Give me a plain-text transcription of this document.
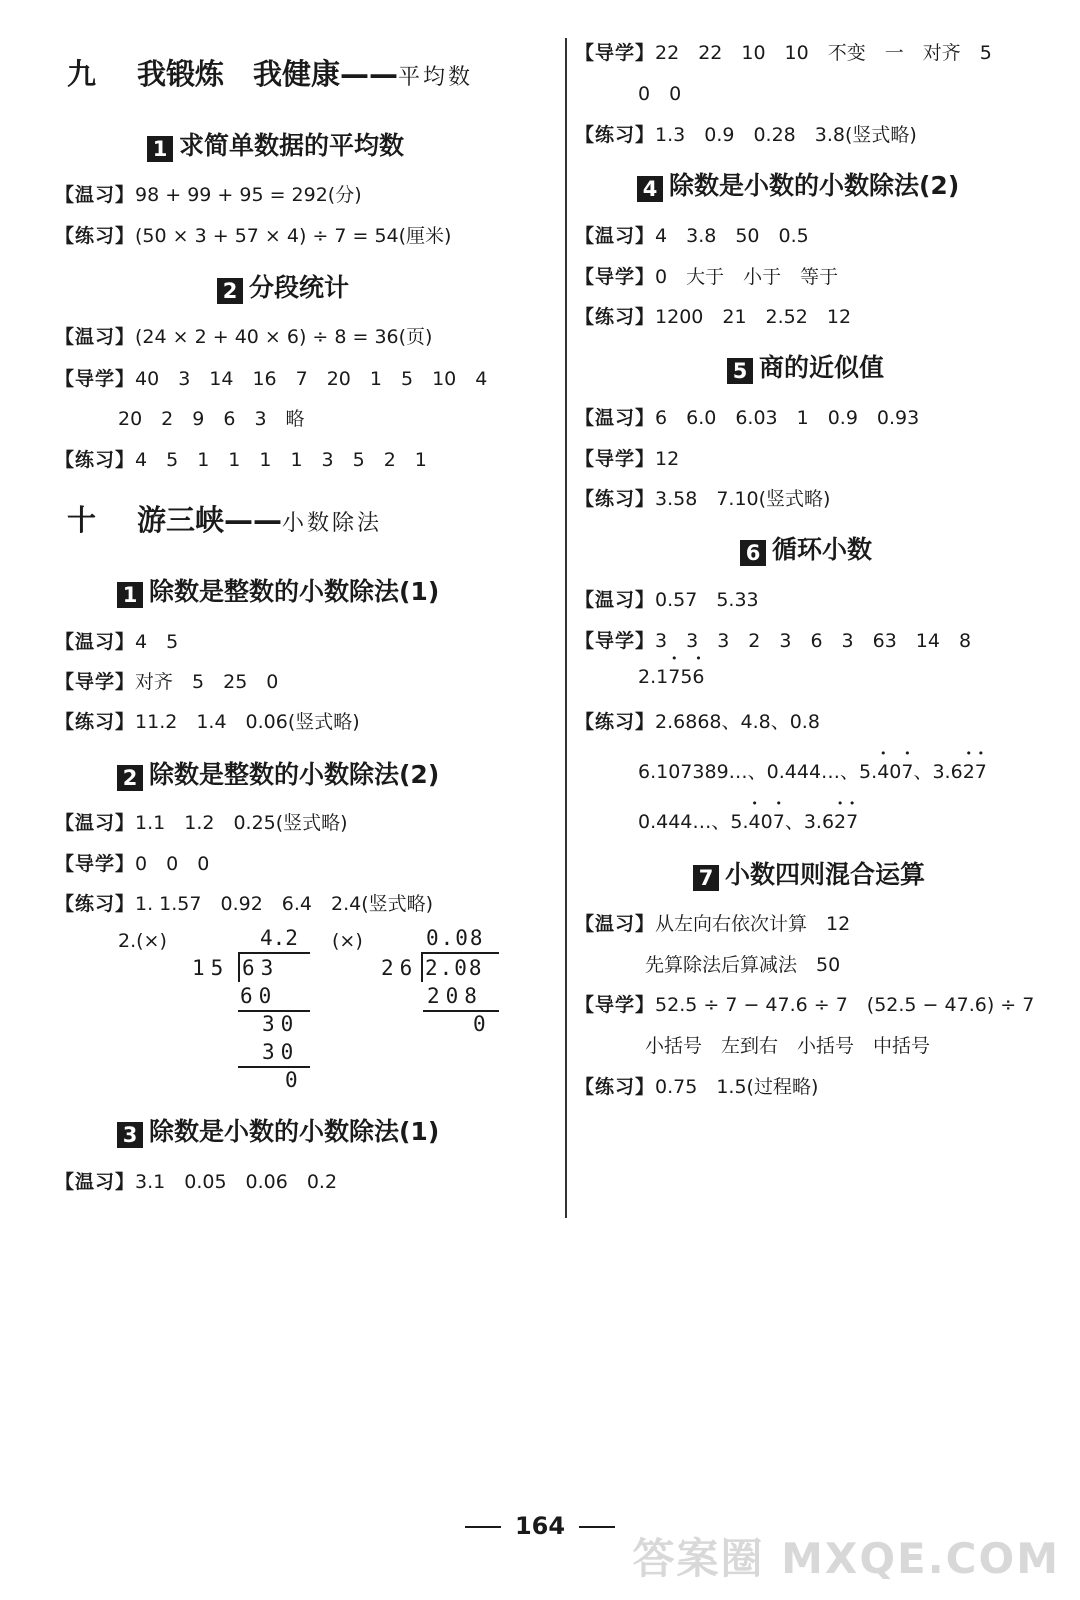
九 我锻炼　我健康——平均数
1 求简单数据的平均数
【温习】98 + 99 + 95 = 292(分)
【练习】(50 × 3 + 57 × 4) ÷ 7 = 54(厘米)
2 分段统计
【温习】(24 × 2 + 40 × 6) ÷ 8 = 36(页)
【导学】40　3　14　16　7　20　1　5　10　4
20　2　9　6　3　略
【练习】4　5　1　1　1　1　3　5　2　1
十 游三峡——小数除法
1 除数是整数的小数除法(1)
【温习】4　5
【导学】对齐　5　25　0
【练习】11.2　1.4　0.06(竖式略)
2 除数是整数的小数除法(2)
【温习】1.1　1.2　0.25(竖式略)
【导学】0　0　0
【练习】1. 1.57　0.92　6.4　2.4(竖式略)
2.(×)	(×)
4.2
15 63
60
30
30
0
0.08
26 2.08
208
0
3 除数是小数的小数除法(1)
【温习】3.1　0.05　0.06　0.2
【导学】22　22　10　10　不变　一　对齐　5
0　0
【练习】1.3　0.9　0.28　3.8(竖式略)
4 除数是小数的小数除法(2)
【温习】4　3.8　50　0.5
【导学】0　大于　小于　等于
【练习】1200　21　2.52　12
5 商的近似值
【温习】6　6.0　6.03　1　0.9　0.93
【导学】12
【练习】3.58　7.10(竖式略)
6 循环小数
【温习】0.57　5.33
【导学】3　3　3　2　3　6　3　63　14　8
2.1• 75• 6
【练习】2.6868、4.8、0.8
6.107389…、0.444…、5.• 40• 7、3.6• 2• 7
0.444…、5.• 40• 7、3.6• 2• 7
7 小数四则混合运算
【温习】从左向右依次计算　12
先算除法后算减法　50
【导学】52.5 ÷ 7 − 47.6 ÷ 7　(52.5 − 47.6) ÷ 7
小括号　左到右　小括号　中括号
【练习】0.75　1.5(过程略)
164
答案圈 MXQE.COM
